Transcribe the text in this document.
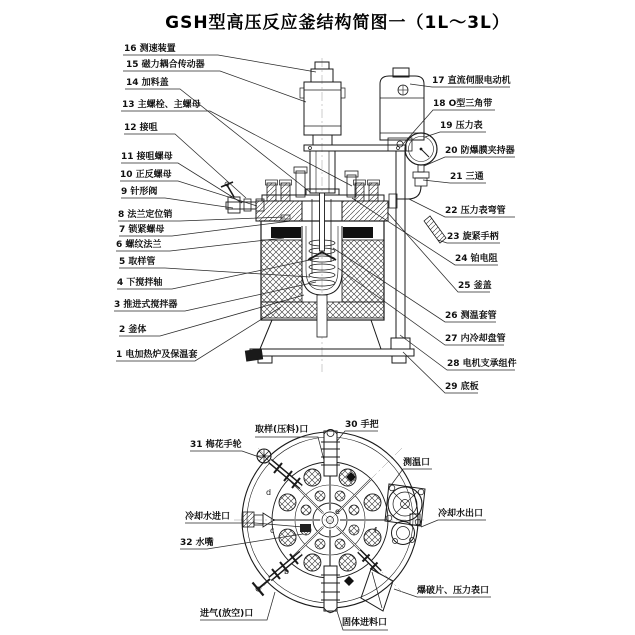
GSH型高压反应釜结构简图一（1L～3L）
16 测速装置
15 磁力耦合传动器
14 加料盖
13 主螺栓、主螺母
12 接咀
11 接咀螺母
10 正反螺母
9 针形阀
8 法兰定位销
7 锁紧螺母
6 螺纹法兰
5 取样管
4 下搅拌轴
3 推进式搅拌器
2 釜体
1 电加热炉及保温套
17 直流伺服电动机
18 O型三角带
19 压力表
20 防爆膜夹持器
21 三通
22 压力表弯管
23 旋紧手柄
24 铂电阻
25 釜盖
26 测温套管
27 内冷却盘管
28 电机支承组件
29 底板
取样(压料)口	30 手把
31 梅花手轮
测温口
冷却水进口	冷却水出口
32 水嘴
进气(放空)口
固体进料口
爆破片、压力表口
b
c
d
e
f
